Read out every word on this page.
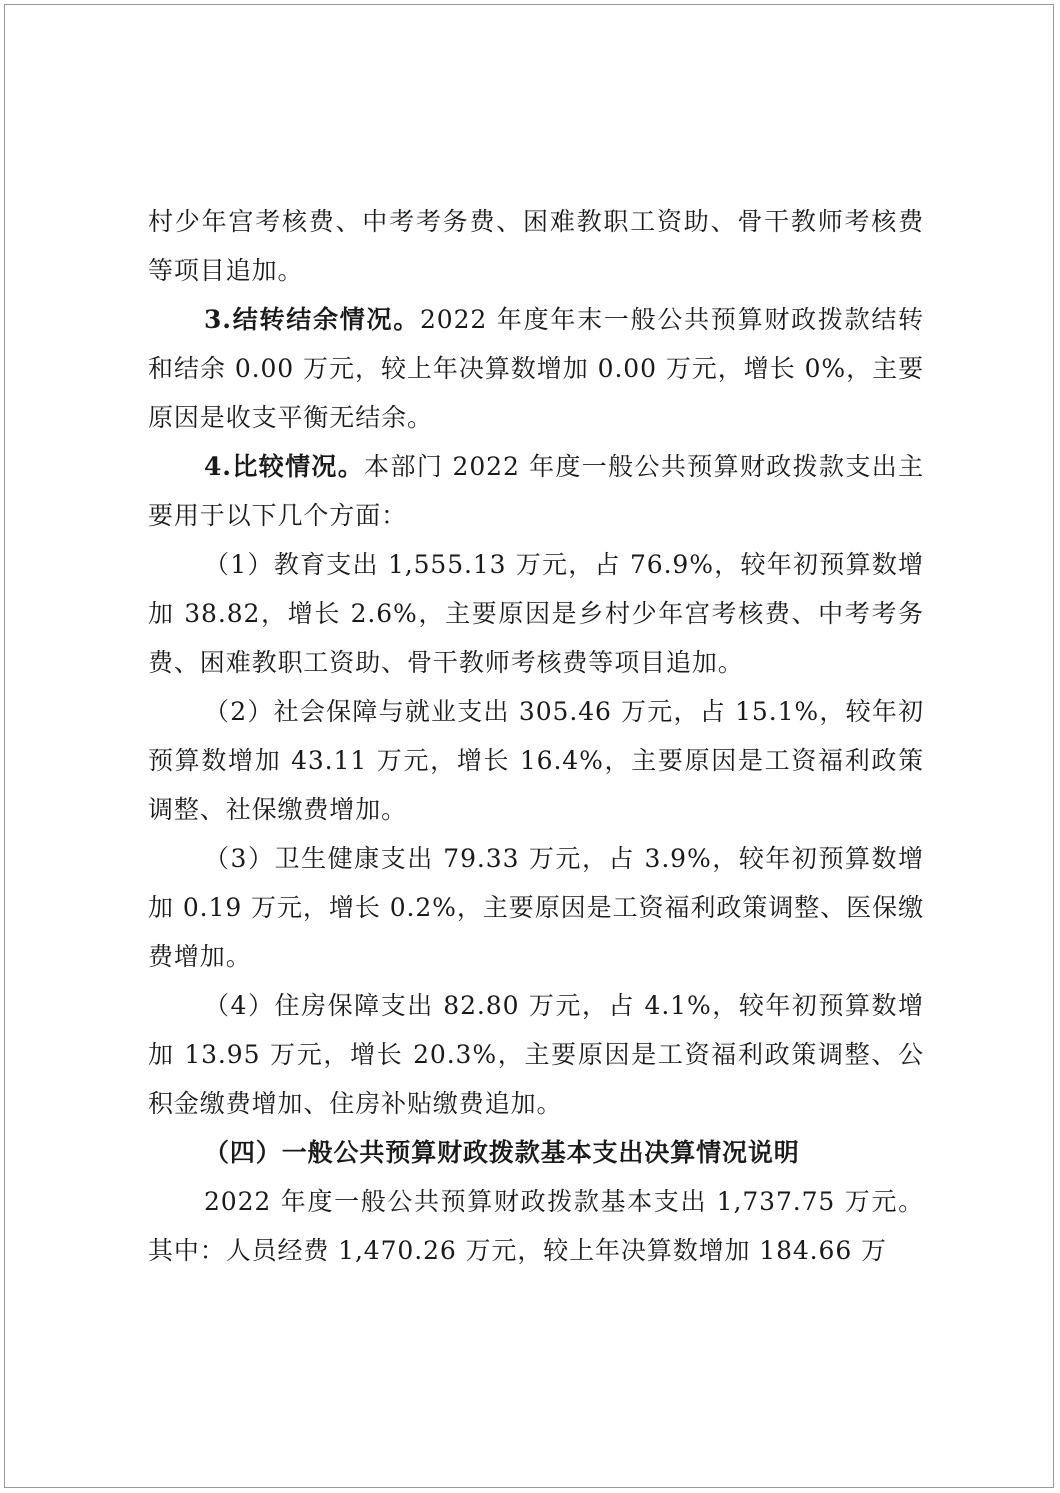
村少年宫考核费、中考考务费、困难教职工资助、骨干教师考核费等项目追加。

3.结转结余情况。2022 年度年末一般公共预算财政拨款结转和结余 0.00 万元，较上年决算数增加 0.00 万元，增长 0%，主要原因是收支平衡无结余。

4.比较情况。本部门 2022 年度一般公共预算财政拨款支出主要用于以下几个方面：

（1）教育支出 1,555.13 万元，占 76.9%，较年初预算数增加 38.82，增长 2.6%，主要原因是乡村少年宫考核费、中考考务费、困难教职工资助、骨干教师考核费等项目追加。

（2）社会保障与就业支出 305.46 万元，占 15.1%，较年初预算数增加 43.11 万元，增长 16.4%，主要原因是工资福利政策调整、社保缴费增加。

（3）卫生健康支出 79.33 万元，占 3.9%，较年初预算数增加 0.19 万元，增长 0.2%，主要原因是工资福利政策调整、医保缴费增加。

（4）住房保障支出 82.80 万元，占 4.1%，较年初预算数增加 13.95 万元，增长 20.3%，主要原因是工资福利政策调整、公积金缴费增加、住房补贴缴费追加。

（四）一般公共预算财政拨款基本支出决算情况说明

2022 年度一般公共预算财政拨款基本支出 1,737.75 万元。其中：人员经费 1,470.26 万元，较上年决算数增加 184.66 万
